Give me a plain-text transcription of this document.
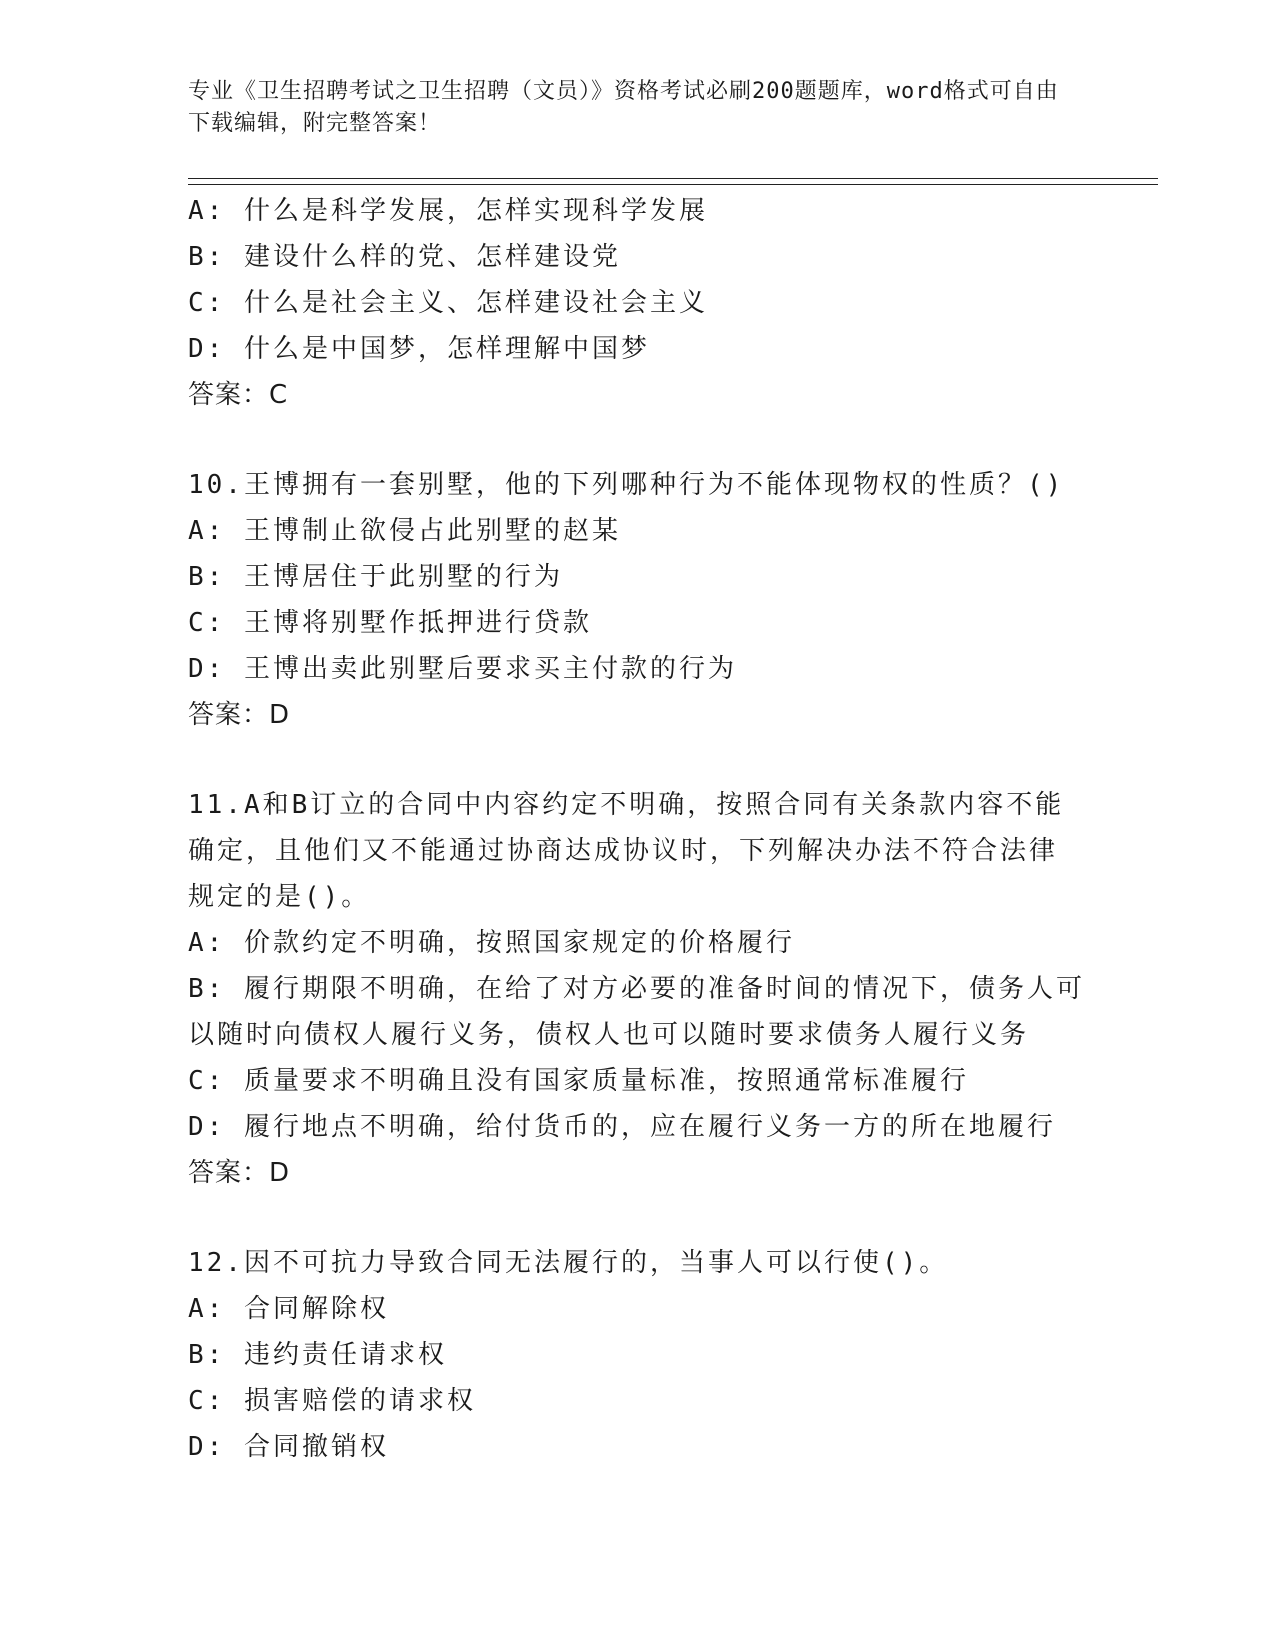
专业《卫生招聘考试之卫生招聘（文员）》资格考试必刷200题题库，word格式可自由下载编辑，附完整答案！
A: 什么是科学发展，怎样实现科学发展
B: 建设什么样的党、怎样建设党
C: 什么是社会主义、怎样建设社会主义
D: 什么是中国梦，怎样理解中国梦
答案：C
10.王博拥有一套别墅，他的下列哪种行为不能体现物权的性质？()
A: 王博制止欲侵占此别墅的赵某
B: 王博居住于此别墅的行为
C: 王博将别墅作抵押进行贷款
D: 王博出卖此别墅后要求买主付款的行为
答案：D
11.A和B订立的合同中内容约定不明确，按照合同有关条款内容不能
确定，且他们又不能通过协商达成协议时，下列解决办法不符合法律
规定的是()。
A: 价款约定不明确，按照国家规定的价格履行
B: 履行期限不明确，在给了对方必要的准备时间的情况下，债务人可
以随时向债权人履行义务，债权人也可以随时要求债务人履行义务
C: 质量要求不明确且没有国家质量标准，按照通常标准履行
D: 履行地点不明确，给付货币的，应在履行义务一方的所在地履行
答案：D
12.因不可抗力导致合同无法履行的，当事人可以行使()。
A: 合同解除权
B: 违约责任请求权
C: 损害赔偿的请求权
D: 合同撤销权
